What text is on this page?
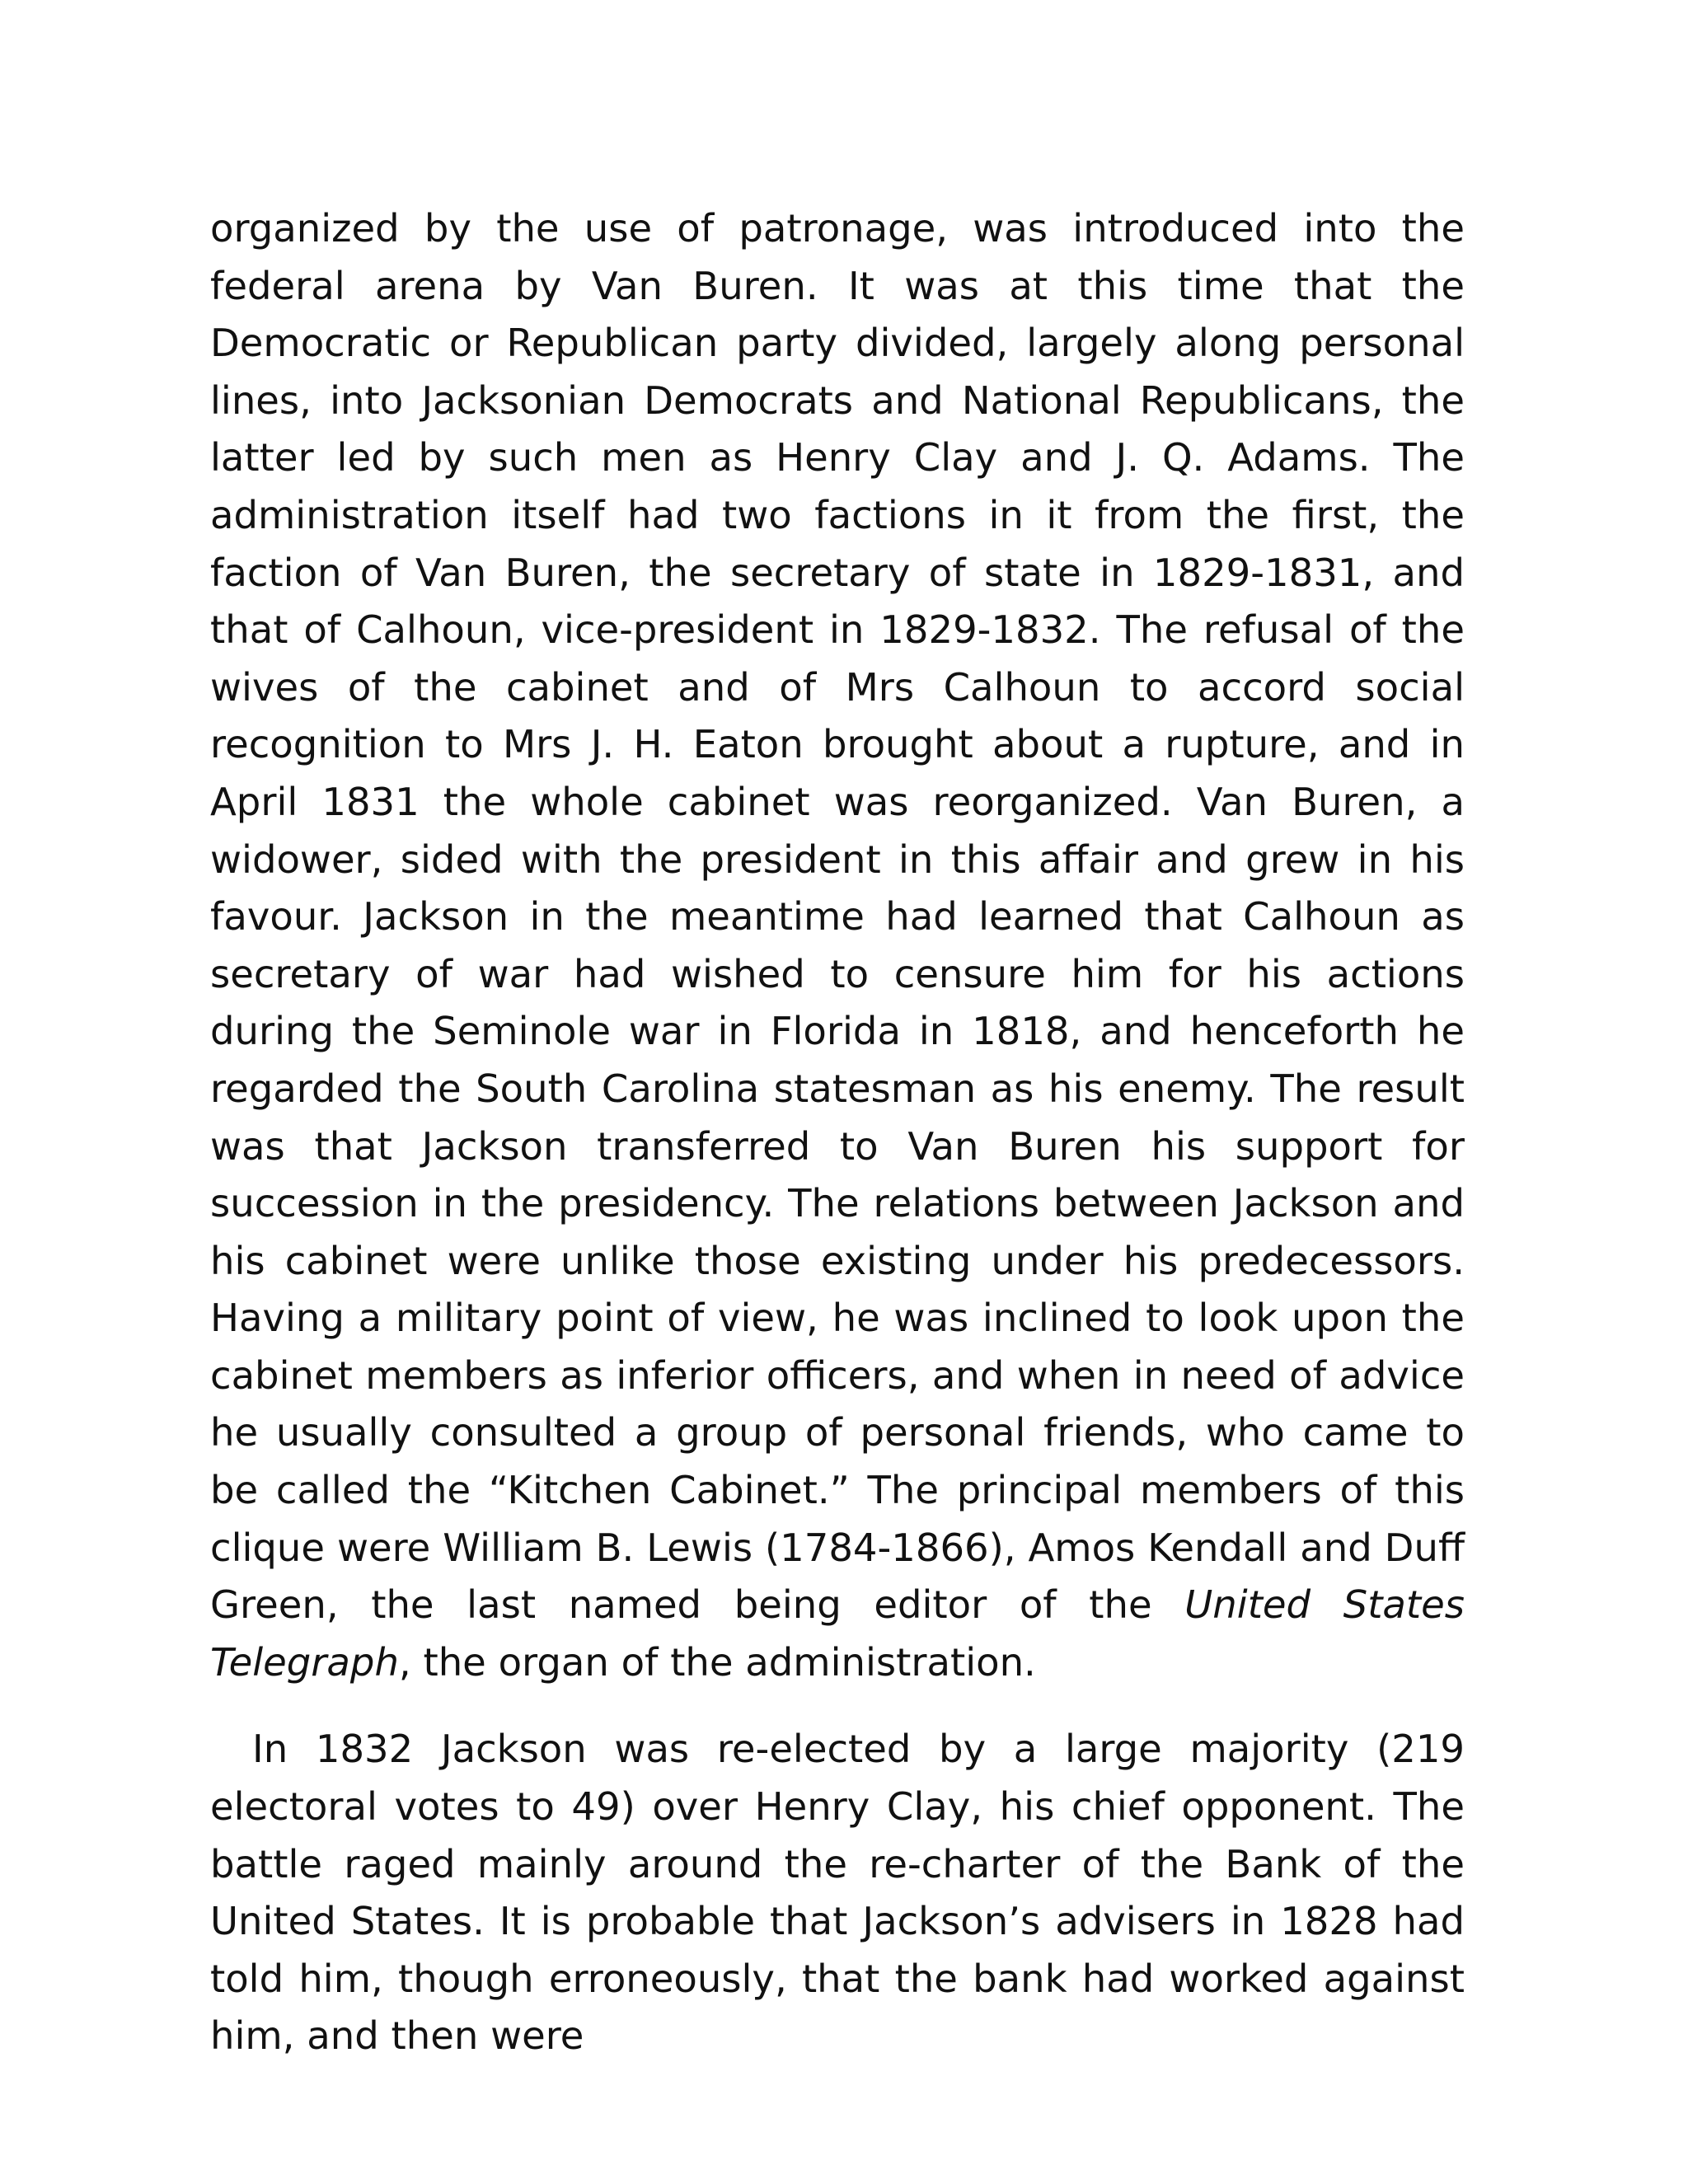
organized by the use of patronage, was introduced into the federal arena by Van Buren. It was at this time that the Democratic or Republican party divided, largely along personal lines, into Jacksonian Democrats and National Republicans, the latter led by such men as Henry Clay and J. Q. Adams. The administration itself had two factions in it from the first, the faction of Van Buren, the secretary of state in 1829-1831, and that of Calhoun, vice-president in 1829-1832. The refusal of the wives of the cabinet and of Mrs Calhoun to accord social recognition to Mrs J. H. Eaton brought about a rupture, and in April 1831 the whole cabinet was reorganized. Van Buren, a widower, sided with the president in this affair and grew in his favour. Jackson in the meantime had learned that Calhoun as secretary of war had wished to censure him for his actions during the Seminole war in Florida in 1818, and henceforth he regarded the South Carolina statesman as his enemy. The result was that Jackson transferred to Van Buren his support for succession in the presidency. The relations between Jackson and his cabinet were unlike those existing under his predecessors. Having a military point of view, he was inclined to look upon the cabinet members as inferior officers, and when in need of advice he usually consulted a group of personal friends, who came to be called the “Kitchen Cabinet.” The principal members of this clique were William B. Lewis (1784-1866), Amos Kendall and Duff Green, the last named being editor of the United States Telegraph, the organ of the administration.

In 1832 Jackson was re-elected by a large majority (219 electoral votes to 49) over Henry Clay, his chief opponent. The battle raged mainly around the re-charter of the Bank of the United States. It is probable that Jackson’s advisers in 1828 had told him, though erroneously, that the bank had worked against him, and then were
